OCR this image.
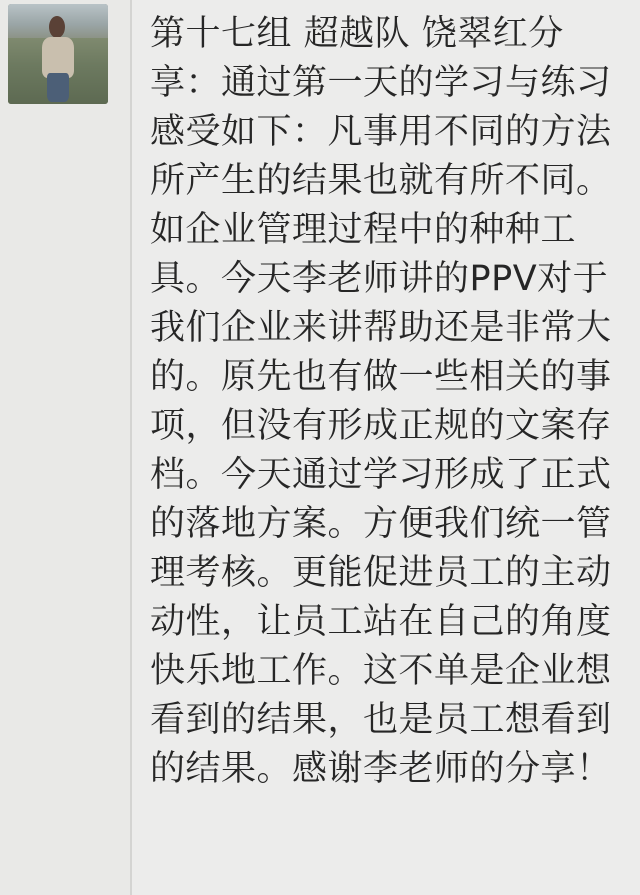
第十七组 超越队 饶翠红分享：通过第一天的学习与练习感受如下：凡事用不同的方法所产生的结果也就有所不同。如企业管理过程中的种种工具。今天李老师讲的PPV对于我们企业来讲帮助还是非常大的。原先也有做一些相关的事项，但没有形成正规的文案存档。今天通过学习形成了正式的落地方案。方便我们统一管理考核。更能促进员工的主动动性，让员工站在自己的角度快乐地工作。这不单是企业想看到的结果，也是员工想看到的结果。感谢李老师的分享！
